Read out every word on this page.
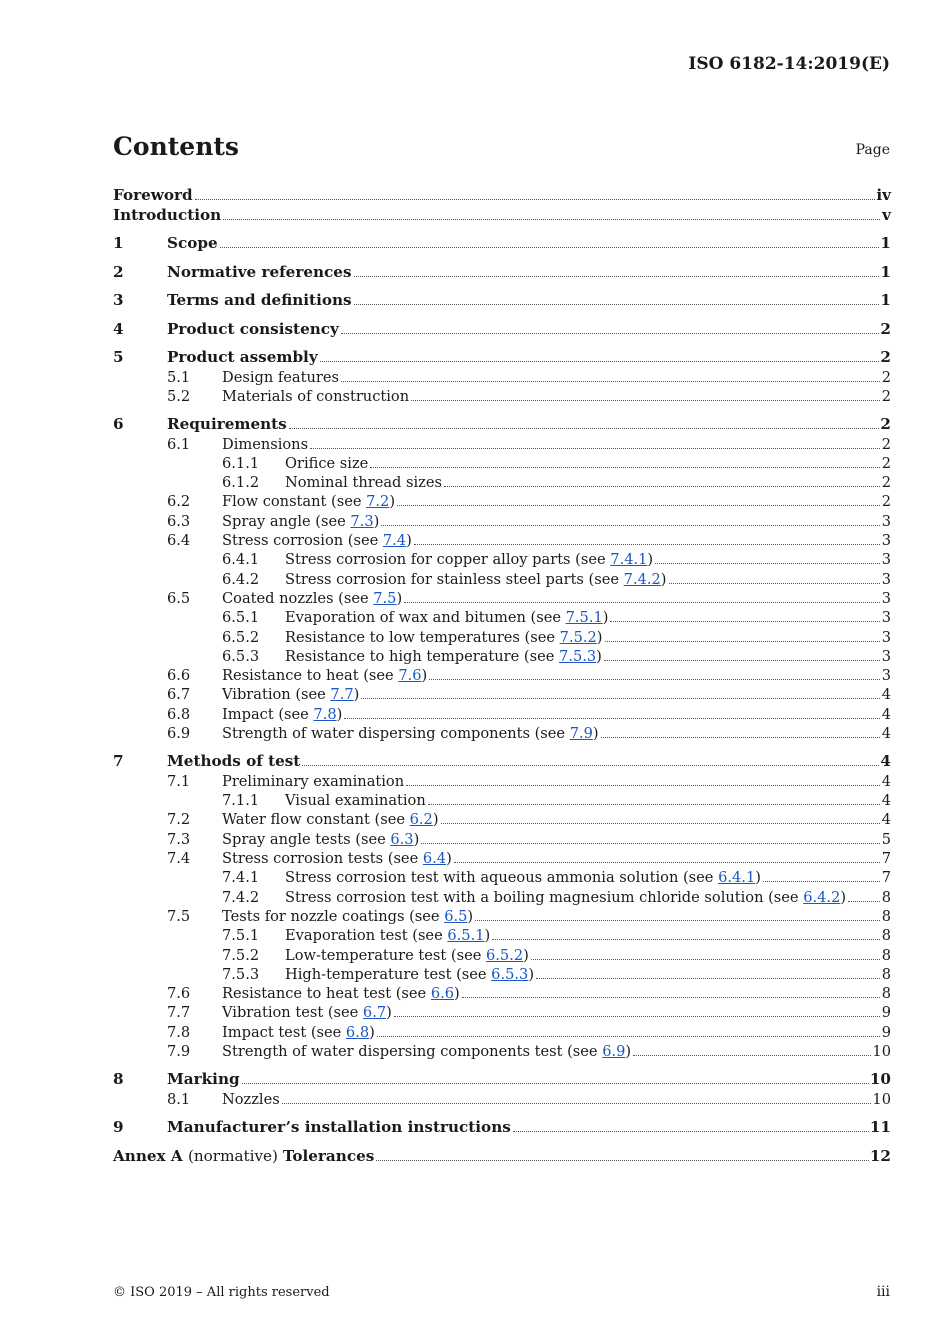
ISO 6182-14:2019(E)
Contents	Page
Foreword	iv
Introduction	v
1	Scope	1
2	Normative references	1
3	Terms and definitions	1
4	Product consistency	2
5	Product assembly	2
5.1 Design features	2
5.2 Materials of construction	2
6	Requirements	2
6.1 Dimensions	2
6.1.1 Orifice size	2
6.1.2 Nominal thread sizes	2
6.2 Flow constant (see 7.2)	2
6.3 Spray angle (see 7.3)	3
6.4 Stress corrosion (see 7.4)	3
6.4.1 Stress corrosion for copper alloy parts (see 7.4.1)	3
6.4.2 Stress corrosion for stainless steel parts (see 7.4.2)	3
6.5 Coated nozzles (see 7.5)	3
6.5.1 Evaporation of wax and bitumen (see 7.5.1)	3
6.5.2 Resistance to low temperatures (see 7.5.2)	3
6.5.3 Resistance to high temperature (see 7.5.3)	3
6.6 Resistance to heat (see 7.6)	3
6.7 Vibration (see 7.7)	4
6.8 Impact (see 7.8)	4
6.9 Strength of water dispersing components (see 7.9)	4
7	Methods of test	4
7.1 Preliminary examination	4
7.1.1 Visual examination	4
7.2 Water flow constant (see 6.2)	4
7.3 Spray angle tests (see 6.3)	5
7.4 Stress corrosion tests (see 6.4)	7
7.4.1 Stress corrosion test with aqueous ammonia solution (see 6.4.1)	7
7.4.2 Stress corrosion test with a boiling magnesium chloride solution (see 6.4.2) 8
7.5 Tests for nozzle coatings (see 6.5)	8
7.5.1 Evaporation test (see 6.5.1)	8
7.5.2 Low-temperature test (see 6.5.2)	8
7.5.3 High-temperature test (see 6.5.3)	8
7.6 Resistance to heat test (see 6.6)	8
7.7 Vibration test (see 6.7)	9
7.8 Impact test (see 6.8)	9
7.9 Strength of water dispersing components test (see 6.9)	10
8	Marking	10
8.1 Nozzles	10
9	Manufacturer’s installation instructions	11
Annex A (normative) Tolerances	12
© ISO 2019 – All rights reserved	iii
